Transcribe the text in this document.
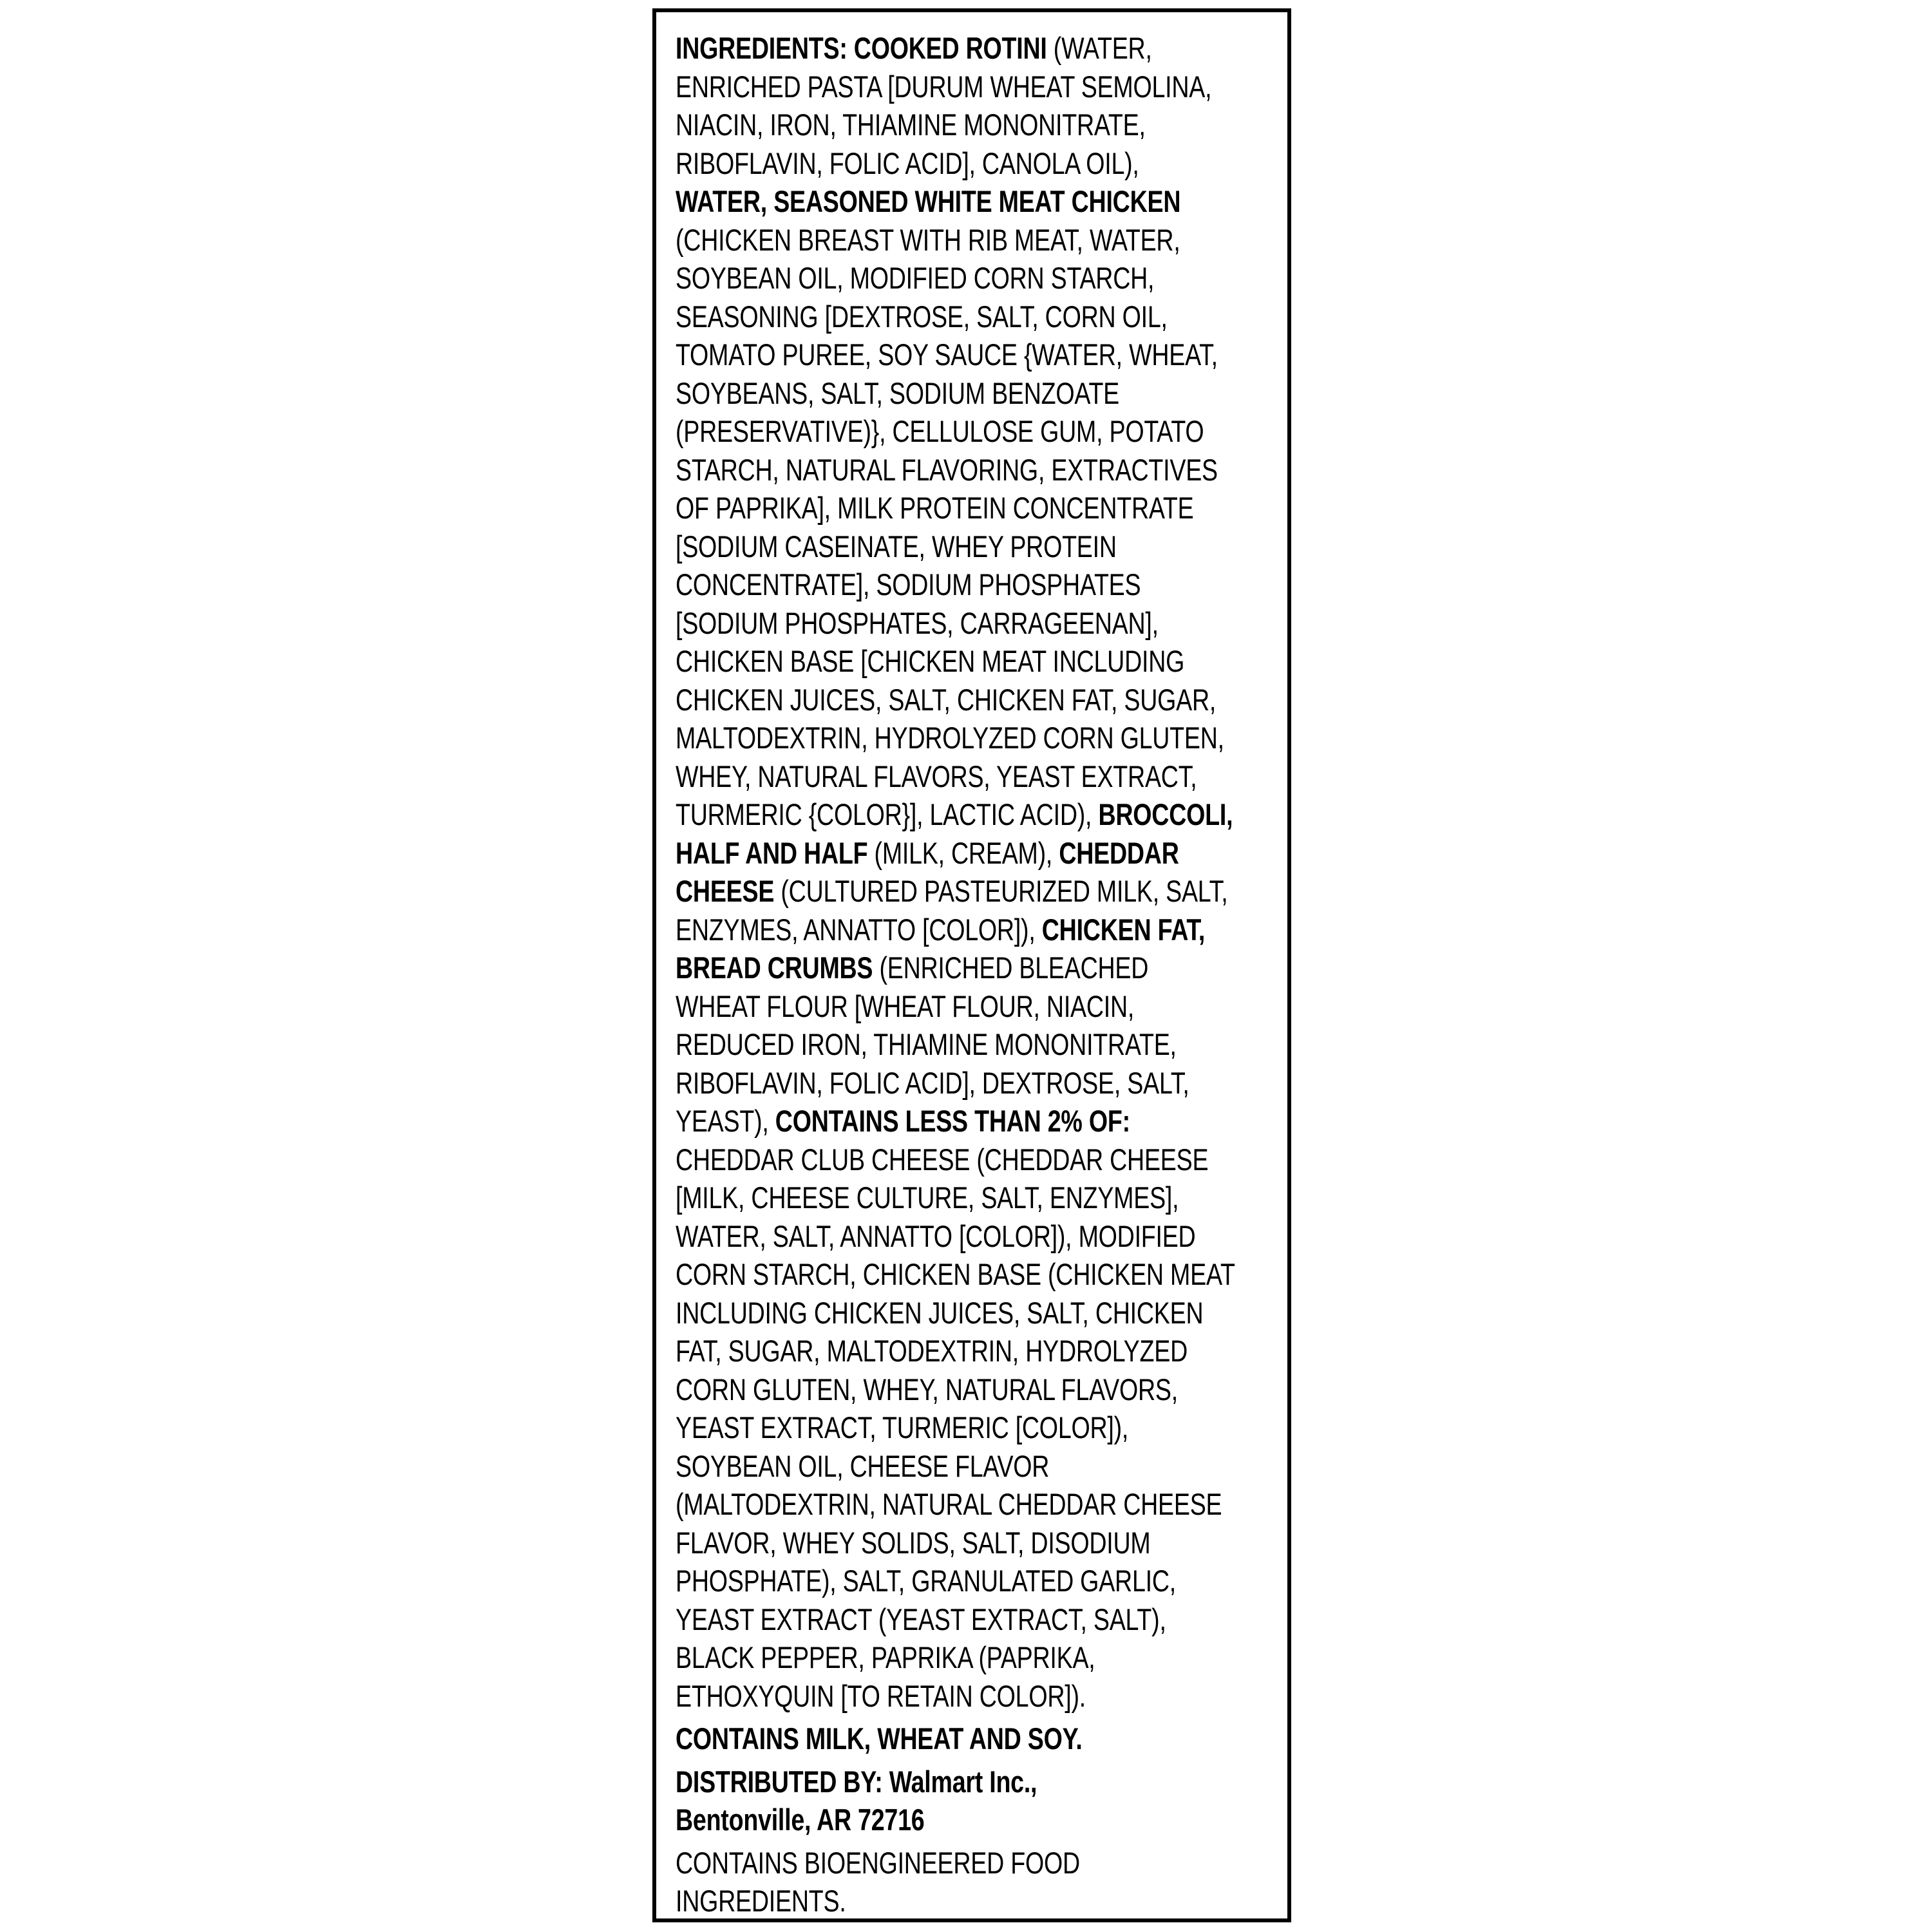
INGREDIENTS: COOKED ROTINI (WATER,
ENRICHED PASTA [DURUM WHEAT SEMOLINA,
NIACIN, IRON, THIAMINE MONONITRATE,
RIBOFLAVIN, FOLIC ACID], CANOLA OIL),
WATER, SEASONED WHITE MEAT CHICKEN
(CHICKEN BREAST WITH RIB MEAT, WATER,
SOYBEAN OIL, MODIFIED CORN STARCH,
SEASONING [DEXTROSE, SALT, CORN OIL,
TOMATO PUREE, SOY SAUCE {WATER, WHEAT,
SOYBEANS, SALT, SODIUM BENZOATE
(PRESERVATIVE)}, CELLULOSE GUM, POTATO
STARCH, NATURAL FLAVORING, EXTRACTIVES
OF PAPRIKA], MILK PROTEIN CONCENTRATE
[SODIUM CASEINATE, WHEY PROTEIN
CONCENTRATE], SODIUM PHOSPHATES
[SODIUM PHOSPHATES, CARRAGEENAN],
CHICKEN BASE [CHICKEN MEAT INCLUDING
CHICKEN JUICES, SALT, CHICKEN FAT, SUGAR,
MALTODEXTRIN, HYDROLYZED CORN GLUTEN,
WHEY, NATURAL FLAVORS, YEAST EXTRACT,
TURMERIC {COLOR}], LACTIC ACID), BROCCOLI,
HALF AND HALF (MILK, CREAM), CHEDDAR
CHEESE (CULTURED PASTEURIZED MILK, SALT,
ENZYMES, ANNATTO [COLOR]), CHICKEN FAT,
BREAD CRUMBS (ENRICHED BLEACHED
WHEAT FLOUR [WHEAT FLOUR, NIACIN,
REDUCED IRON, THIAMINE MONONITRATE,
RIBOFLAVIN, FOLIC ACID], DEXTROSE, SALT,
YEAST), CONTAINS LESS THAN 2% OF:
CHEDDAR CLUB CHEESE (CHEDDAR CHEESE
[MILK, CHEESE CULTURE, SALT, ENZYMES],
WATER, SALT, ANNATTO [COLOR]), MODIFIED
CORN STARCH, CHICKEN BASE (CHICKEN MEAT
INCLUDING CHICKEN JUICES, SALT, CHICKEN
FAT, SUGAR, MALTODEXTRIN, HYDROLYZED
CORN GLUTEN, WHEY, NATURAL FLAVORS,
YEAST EXTRACT, TURMERIC [COLOR]),
SOYBEAN OIL, CHEESE FLAVOR
(MALTODEXTRIN, NATURAL CHEDDAR CHEESE
FLAVOR, WHEY SOLIDS, SALT, DISODIUM
PHOSPHATE), SALT, GRANULATED GARLIC,
YEAST EXTRACT (YEAST EXTRACT, SALT),
BLACK PEPPER, PAPRIKA (PAPRIKA,
ETHOXYQUIN [TO RETAIN COLOR]).
CONTAINS MILK, WHEAT AND SOY.
DISTRIBUTED BY: Walmart Inc.,
Bentonville, AR 72716
CONTAINS BIOENGINEERED FOOD
INGREDIENTS.
